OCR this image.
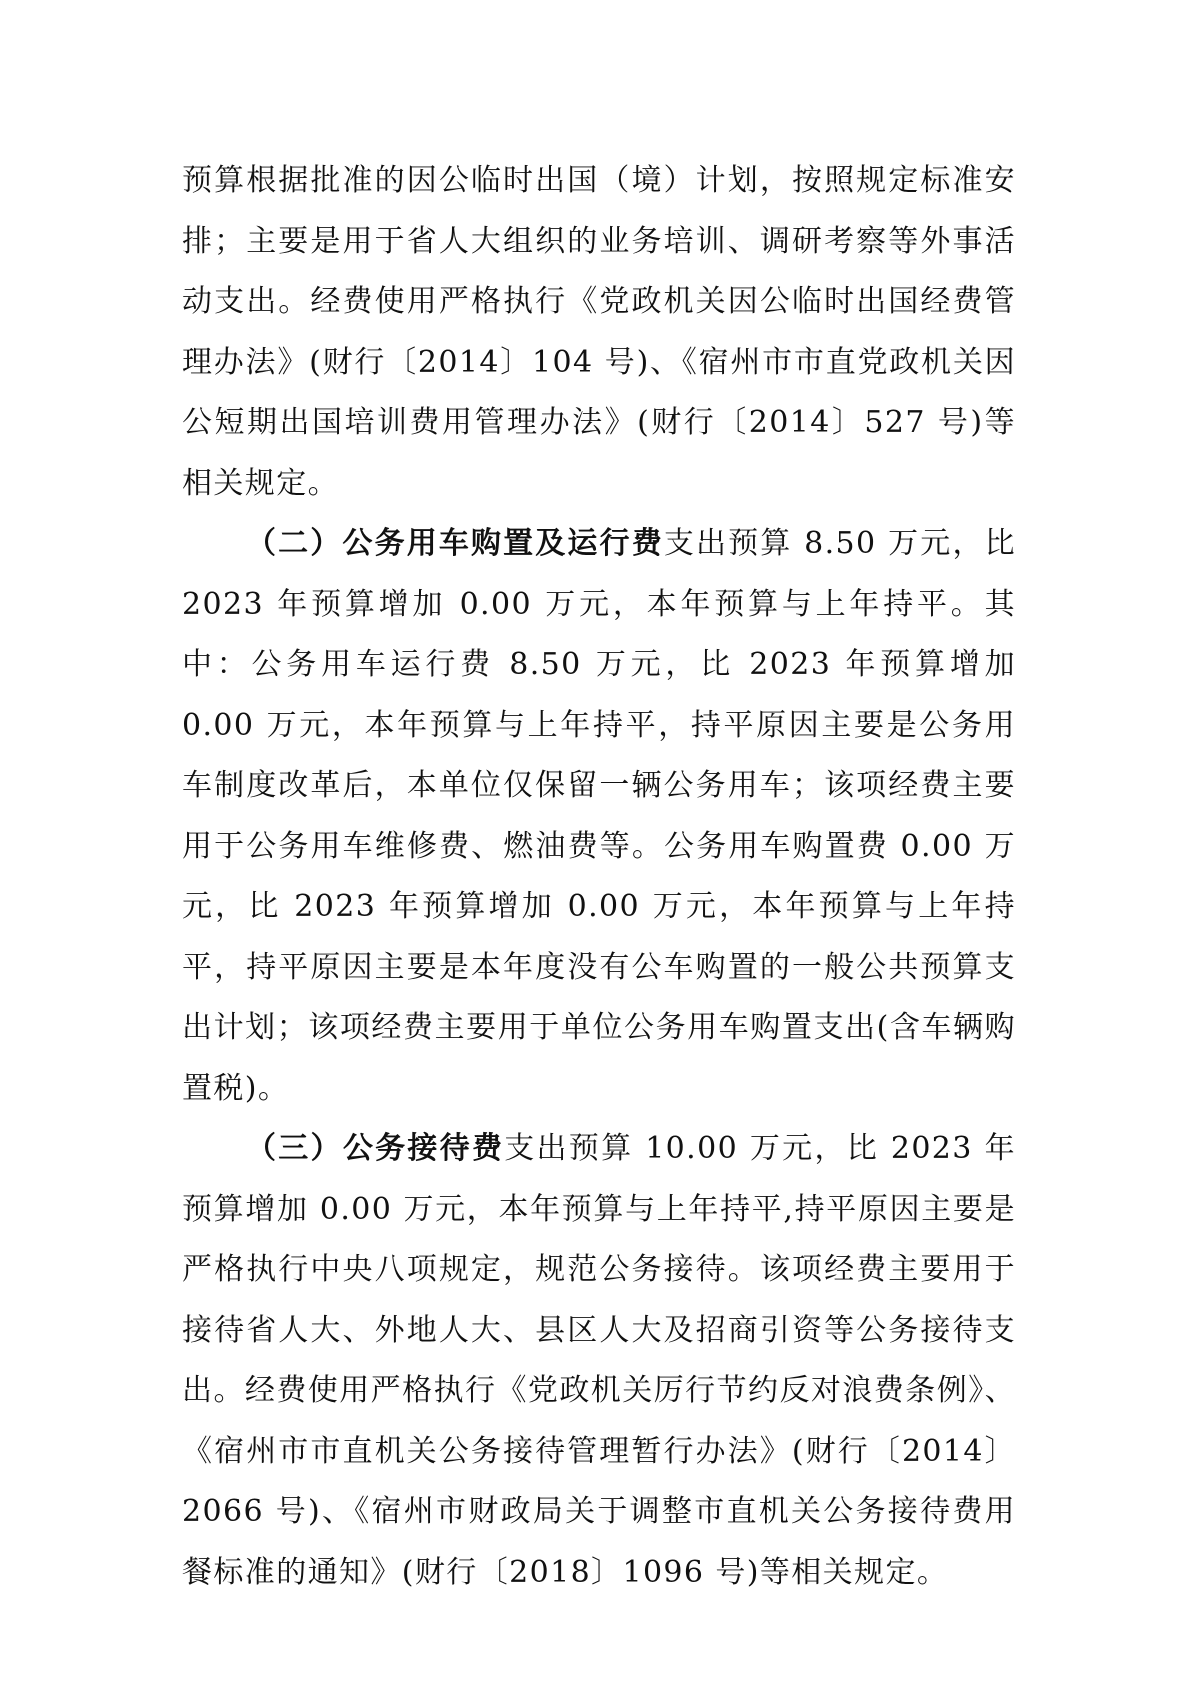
预算根据批准的因公临时出国（境）计划，按照规定标准安排；主要是用于省人大组织的业务培训、调研考察等外事活动支出。经费使用严格执行《党政机关因公临时出国经费管理办法》(财行〔2014〕104 号)、《宿州市市直党政机关因公短期出国培训费用管理办法》(财行〔2014〕527 号)等相关规定。

（二）公务用车购置及运行费支出预算 8.50 万元，比 2023 年预算增加 0.00 万元，本年预算与上年持平。其中：公务用车运行费 8.50 万元，比 2023 年预算增加 0.00 万元，本年预算与上年持平，持平原因主要是公务用车制度改革后，本单位仅保留一辆公务用车；该项经费主要用于公务用车维修费、燃油费等。公务用车购置费 0.00 万元，比 2023 年预算增加 0.00 万元，本年预算与上年持平，持平原因主要是本年度没有公车购置的一般公共预算支出计划；该项经费主要用于单位公务用车购置支出(含车辆购置税)。

（三）公务接待费支出预算 10.00 万元，比 2023 年预算增加 0.00 万元，本年预算与上年持平,持平原因主要是严格执行中央八项规定，规范公务接待。该项经费主要用于接待省人大、外地人大、县区人大及招商引资等公务接待支出。经费使用严格执行《党政机关厉行节约反对浪费条例》、《宿州市市直机关公务接待管理暂行办法》(财行〔2014〕2066 号)、《宿州市财政局关于调整市直机关公务接待费用餐标准的通知》(财行〔2018〕1096 号)等相关规定。
